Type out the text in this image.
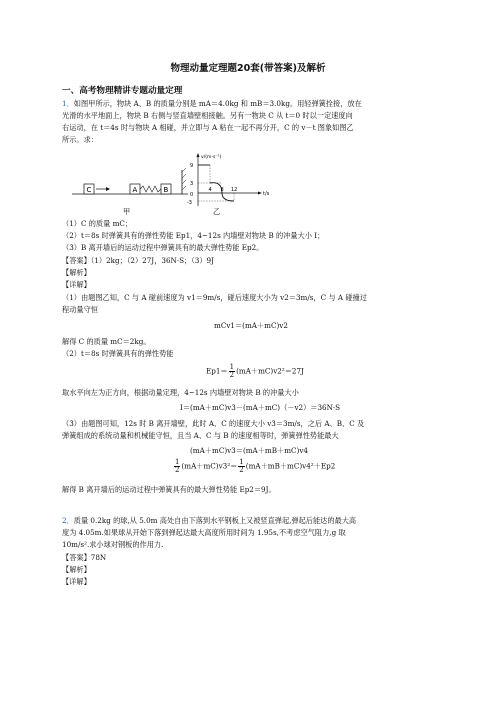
物理动量定理题20套(带答案)及解析
一、高考物理精讲专题动量定理
1．如图甲所示，物块 A、B 的质量分别是 mA＝4.0kg 和 mB＝3.0kg。用轻弹簧拴接，放在
光滑的水平地面上，物块 B 右侧与竖直墙壁相接触。另有一物块 C 从 t＝0 时以一定速度向
右运动，在 t＝4s 时与物块 A 相碰，并立即与 A 粘在一起不再分开，C 的 v－t 图象如图乙
所示。求：
C	A	B
甲
v/(m·s⁻¹)
9
3
0
-3
4 8 12
t/s
乙
（1）C 的质量 mC；
（2）t＝8s 时弹簧具有的弹性势能 Ep1，4~12s 内墙壁对物块 B 的冲量大小 I；
（3）B 离开墙后的运动过程中弹簧具有的最大弹性势能 Ep2。
【答案】（1）2kg；（2）27J，36N·S；（3）9J
【解析】
【详解】
（1）由题图乙知，C 与 A 碰前速度为 v1＝9m/s，碰后速度大小为 v2＝3m/s，C 与 A 碰撞过
程动量守恒
mCv1＝(mA＋mC)v2
解得 C 的质量 mC＝2kg。
（2）t＝8s 时弹簧具有的弹性势能
$Ep1= \frac{1}{2} (mA+mC)v2^2=27J$
取水平向左为正方向，根据动量定理，4~12s 内墙壁对物块 B 的冲量大小
I＝(mA＋mC)v3－(mA＋mC)（－v2）＝36N·S
（3）由题图可知，12s 时 B 离开墙壁，此时 A、C 的速度大小 v3＝3m/s，之后 A、B、C 及
弹簧组成的系统动量和机械能守恒，且当 A、C 与 B 的速度相等时，弹簧弹性势能最大
(mA＋mC)v3＝(mA＋mB＋mC)v4
$\frac{1}{2} (mA+mC)v3^2= \frac{1}{2} (mA+mB+mC)v4^2+Ep2$
解得 B 离开墙后的运动过程中弹簧具有的最大弹性势能 Ep2＝9J。
2．质量 0.2kg 的球,从 5.0m 高处自由下落到水平钢板上又被竖直弹起,弹起后能达的最大高
度为 4.05m.如果球从开始下落到弹起达最大高度所用时间为 1.95s,不考虑空气阻力,g 取
10m/s².求小球对钢板的作用力.
【答案】78N
【解析】
【详解】
